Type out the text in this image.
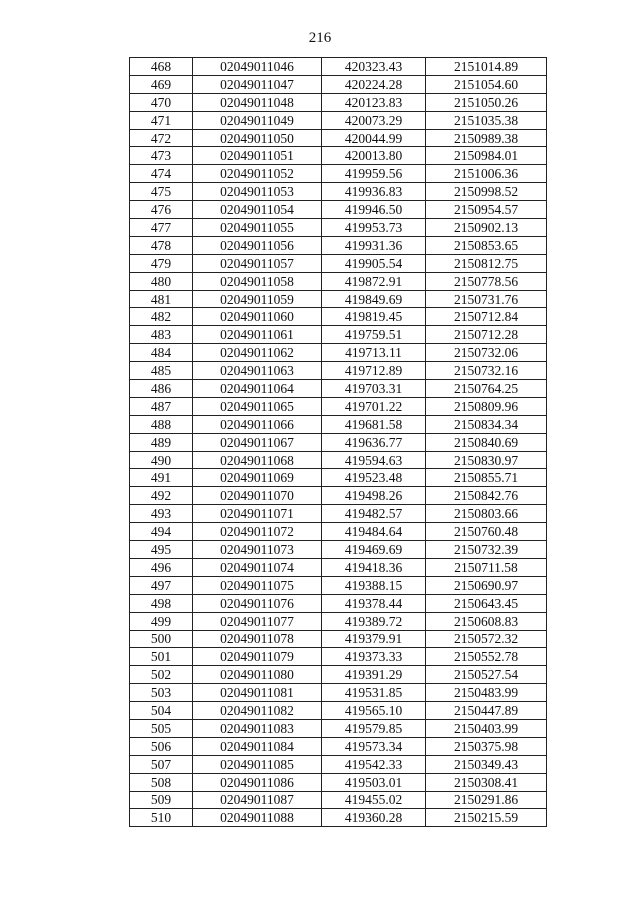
216
468	02049011046	420323.43	2151014.89
469	02049011047	420224.28	2151054.60
470	02049011048	420123.83	2151050.26
471	02049011049	420073.29	2151035.38
472	02049011050	420044.99	2150989.38
473	02049011051	420013.80	2150984.01
474	02049011052	419959.56	2151006.36
475	02049011053	419936.83	2150998.52
476	02049011054	419946.50	2150954.57
477	02049011055	419953.73	2150902.13
478	02049011056	419931.36	2150853.65
479	02049011057	419905.54	2150812.75
480	02049011058	419872.91	2150778.56
481	02049011059	419849.69	2150731.76
482	02049011060	419819.45	2150712.84
483	02049011061	419759.51	2150712.28
484	02049011062	419713.11	2150732.06
485	02049011063	419712.89	2150732.16
486	02049011064	419703.31	2150764.25
487	02049011065	419701.22	2150809.96
488	02049011066	419681.58	2150834.34
489	02049011067	419636.77	2150840.69
490	02049011068	419594.63	2150830.97
491	02049011069	419523.48	2150855.71
492	02049011070	419498.26	2150842.76
493	02049011071	419482.57	2150803.66
494	02049011072	419484.64	2150760.48
495	02049011073	419469.69	2150732.39
496	02049011074	419418.36	2150711.58
497	02049011075	419388.15	2150690.97
498	02049011076	419378.44	2150643.45
499	02049011077	419389.72	2150608.83
500	02049011078	419379.91	2150572.32
501	02049011079	419373.33	2150552.78
502	02049011080	419391.29	2150527.54
503	02049011081	419531.85	2150483.99
504	02049011082	419565.10	2150447.89
505	02049011083	419579.85	2150403.99
506	02049011084	419573.34	2150375.98
507	02049011085	419542.33	2150349.43
508	02049011086	419503.01	2150308.41
509	02049011087	419455.02	2150291.86
510	02049011088	419360.28	2150215.59
